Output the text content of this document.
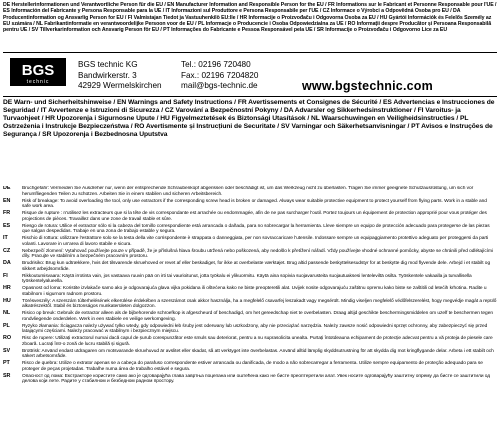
DE Herstellerinformationen und Verantwortliche Person für die EU / EN Manufacturer Information and Responsible Person for the EU / FR Informations sur le Fabricant et Personne Responsable pour l'UE / ES Información del Fabricante y Persona Responsable para la UE / IT Informazioni sul Produttore e Persona Responsabile per l'UE / CZ Informace o Výrobci a Odpovědná Osoba pro EU / DA Producentinformation og Ansvarlig Person for EU / FI Valmistajan Tiedot ja Vastuuhenkilö EU:lle / HR Informacije o Proizvođaču i Odgovorna Osoba za EU / HU Gyártói Információk és Felelős Személy az EU számára / NL Fabrikantinformatie en verantwoordelijke Persoon voor de EU / PL Informacje o Producencie i Osoba Odpowiedzialna za UE / RO Informații despre Producător și Persoana Responsabilă pentru UE / SV Tillverkarinformation och Ansvarig Person för EU / PT Informações do Fabricante e Pessoa Responsável pela UE / SR Informacije o Proizvođaču i Odgovorno Lice za EU
BGS
technic
BGS technic KG
Bandwirkerstr. 3
42929 Wermelskirchen
Tel.: 02196 720480
Fax.: 02196 7204820
mail@bgs-technic.de	www.bgstechnic.com
DE Warn- und Sicherheitshinweise / EN Warnings and Safety Instructions / FR Avertissements et Consignes de Sécurité / ES Advertencias e Instrucciones de Seguridad / IT Avvertenze e Istruzioni di Sicurezza / CZ Varování a Bezpečnostní Pokyny / DA Advarsler og Sikkerhedsinstruktioner / FI Varoitus- ja Turvaohjeet / HR Upozorenja i Sigurnosne Upute / HU Figyelmeztetések és Biztonsági Utasítások / NL Waarschuwingen en Veiligheidsinstructies / PL Ostrzeżenia i Instrukcje Bezpieczeństwa / RO Avertismente și Instrucțiuni de Securitate / SV Varningar och Säkerhetsanvisningar / PT Avisos e Instruções de Segurança / SR Upozorenja i Bezbednosna Uputstva
DE	Bruchgefahr: Vermeiden Sie Ausdreher nur, wenn der entsprechende Schraubenkopf abgerissen oder beschädigt ist, um das Werkzeug nicht zu überlasten. Tragen Sie immer geeignete Schutzausrüstung, um sich vor herumfliegenden Teilen zu schützen. Arbeiten Sie in einem stabilen und sicheren Arbeitsbereich.
EN	Risk of breakage: To avoid overloading the tool, only use extractors if the corresponding screw head is broken or damaged. Always wear suitable protective equipment to protect yourself from flying parts. Work in a stable and safe work area.
FR	Risque de rupture : n'utilisez les extracteurs que si la tête de vis correspondante est arrachée ou endommagée, afin de ne pas surcharger l'outil. Portez toujours un équipement de protection approprié pour vous protéger des projections de pièces. Travaillez dans une zone de travail stable et sûre.
ES	Riesgo de rotura: Utilice el extractor sólo si la cabeza del tornillo correspondiente está arrancada o dañada, para no sobrecargar la herramienta. Lleve siempre un equipo de protección adecuado para protegerse de las piezas que salgan despedidas. Trabaje en una zona de trabajo estable y segura.
IT	Rischio di rottura: utilizzare l'estrattore solo se la testa della vite corrispondente è strappata o danneggiata, per non sovraccaricare l'utensile. Indossare sempre un equipaggiamento protettivo adeguato per proteggersi da parti volanti. Lavorare in un'area di lavoro stabile e sicura.
CZ	Nebezpečí zlomení: Vytahovač používejte pouze v případě, že je příslušná hlava šroubu utržená nebo poškozená, aby nedošlo k přetížení nářadí. Vždy používejte vhodné ochranné pomůcky, abyste se chránili před odlétajícími díly. Pracujte ve stabilním a bezpečném pracovním prostoru.
DA	Brudrisiko: Brug kun udtrækkere, hvis det tilsvarende skruehoved er revet af eller beskadiget, for ikke at overbelaste værktøjet. Brug altid passende beskyttelsesudstyr for at beskytte dig mod flyvende dele. Arbejd i et stabilt og sikkert arbejdsområde.
FI	Rikkoutumisvaara: Käytä irrotinta vain, jos vastaava ruuvin pää on irti tai vaurioitunut, jotta työkalu ei ylikuormitu. Käytä aina sopivia suojavarusteita suojautuaksesi lenteleviltä osilta. Työskentele vakaalla ja turvallisella työskentelyalueella.
HR	Opasnost od loma: Koristite izvlakače samo ako je odgovarajuća glava vijka pokidana ili oštećena kako ne biste preopteretili alat. Uvijek nosite odgovarajuću zaštitnu opremu kako biste se zaštitili od letećih krhotina. Radite u stabilnom i sigurnom radnom prostoru.
HU	Törésveszély: A szerszám túlterhelésének elkerülése érdekében a szerszámot csak akkor használja, ha a megfelelő csavarfej leszakadt vagy megsérült. Mindig viseljen megfelelő védőfelszerelést, hogy megvédje magát a repülő alkatrészektől. Stabil és biztonságos munkaterületen dolgozzon.
NL	Risico op breuk: Gebruik de extractor alleen als de bijbehorende schroefkop is afgescheurd of beschadigd, om het gereedschap niet te overbelasten. Draag altijd geschikte beschermingsmiddelen om uzelf te beschermen tegen rondvliegende onderdelen. Werk in een stabiele en veilige werkomgeving.
PL	Ryzyko złamania: Ściągacza należy używać tylko wtedy, gdy odpowiedni łeb śruby jest oderwany lub uszkodzony, aby nie przeciążać narzędzia. Należy zawsze nosić odpowiedni sprzęt ochronny, aby zabezpieczyć się przed latającymi częściami. Należy pracować w stabilnym i bezpiecznym miejscu.
RO	Risc de rupere: Utilizați extractorul numai dacă capul de șurub corespunzător este smuls sau deteriorat, pentru a nu suprasolicita unealta. Purtați întotdeauna echipament de protecție adecvat pentru a vă proteja de piesele care zboară. Lucrați într-o zonă de lucru stabilă și sigură.
SV	Brottrisk: Använd endast utdragaren om motsvarande skruvhuvud är avslitet eller skadat, så att verktyget inte överbelastas. Använd alltid lämplig skyddsutrustning för att skydda dig mot kringflygande delar. Arbeta i ett stabilt och säkert arbetsområde.
PT	Risco de quebra: Utilize o extrator apenas se a cabeça do parafuso correspondente estiver arrancada ou danificada, de modo a não sobrecarregar a ferramenta. Utilize sempre equipamento de proteção adequado para se proteger de peças projetadas. Trabalhe numa área de trabalho estável e segura.
SR	Опасност од лома: Екстракторе користите само ако је одговарајућа глава завртња поцепана или оштећена како не бисте преоптеретили алат. Увек носите одговарајућу заштитну опрему да бисте се заштитили од делова који лете. Радите у стабилном и безбедном радном простору.
